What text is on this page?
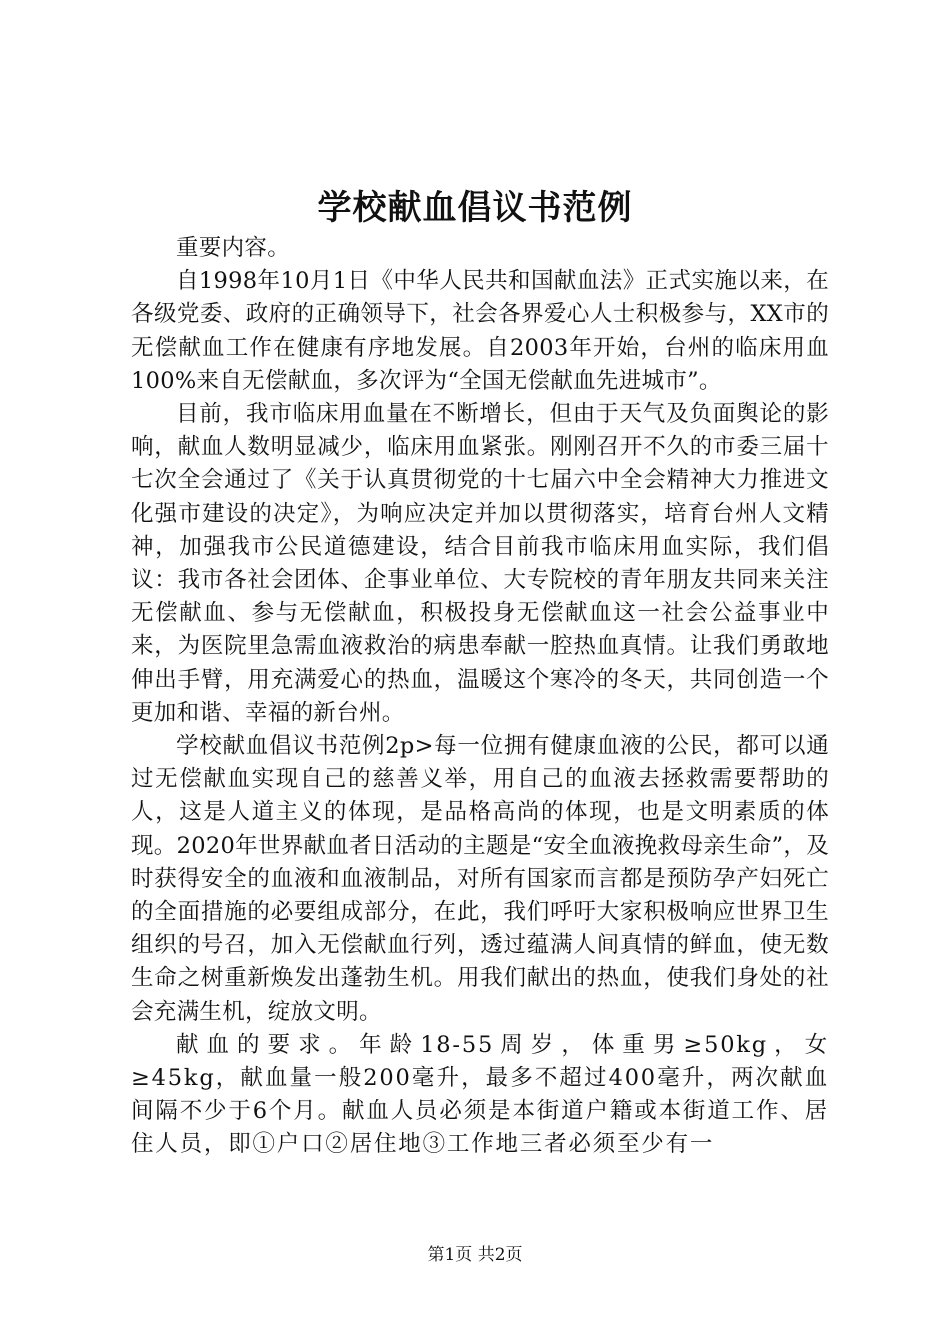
学校献血倡议书范例

重要内容。

自1998年10月1日《中华人民共和国献血法》正式实施以来，在各级党委、政府的正确领导下，社会各界爱心人士积极参与，XX市的无偿献血工作在健康有序地发展。自2003年开始，台州的临床用血100%来自无偿献血，多次评为“全国无偿献血先进城市”。

目前，我市临床用血量在不断增长，但由于天气及负面舆论的影响，献血人数明显减少，临床用血紧张。刚刚召开不久的市委三届十七次全会通过了《关于认真贯彻党的十七届六中全会精神大力推进文化强市建设的决定》，为响应决定并加以贯彻落实，培育台州人文精神，加强我市公民道德建设，结合目前我市临床用血实际，我们倡议：我市各社会团体、企事业单位、大专院校的青年朋友共同来关注无偿献血、参与无偿献血，积极投身无偿献血这一社会公益事业中来，为医院里急需血液救治的病患奉献一腔热血真情。让我们勇敢地伸出手臂，用充满爱心的热血，温暖这个寒冷的冬天，共同创造一个更加和谐、幸福的新台州。

学校献血倡议书范例2p>每一位拥有健康血液的公民，都可以通过无偿献血实现自己的慈善义举，用自己的血液去拯救需要帮助的人，这是人道主义的体现，是品格高尚的体现，也是文明素质的体现。2020年世界献血者日活动的主题是“安全血液挽救母亲生命”，及时获得安全的血液和血液制品，对所有国家而言都是预防孕产妇死亡的全面措施的必要组成部分，在此，我们呼吁大家积极响应世界卫生组织的号召，加入无偿献血行列，透过蕴满人间真情的鲜血，使无数生命之树重新焕发出蓬勃生机。用我们献出的热血，使我们身处的社会充满生机，绽放文明。

献血的要求。年龄18-55周岁，体重男≥50kg，女≥45kg，献血量一般200毫升，最多不超过400毫升，两次献血间隔不少于6个月。献血人员必须是本街道户籍或本街道工作、居住人员，即①户口②居住地③工作地三者必须至少有一

第1页 共2页
